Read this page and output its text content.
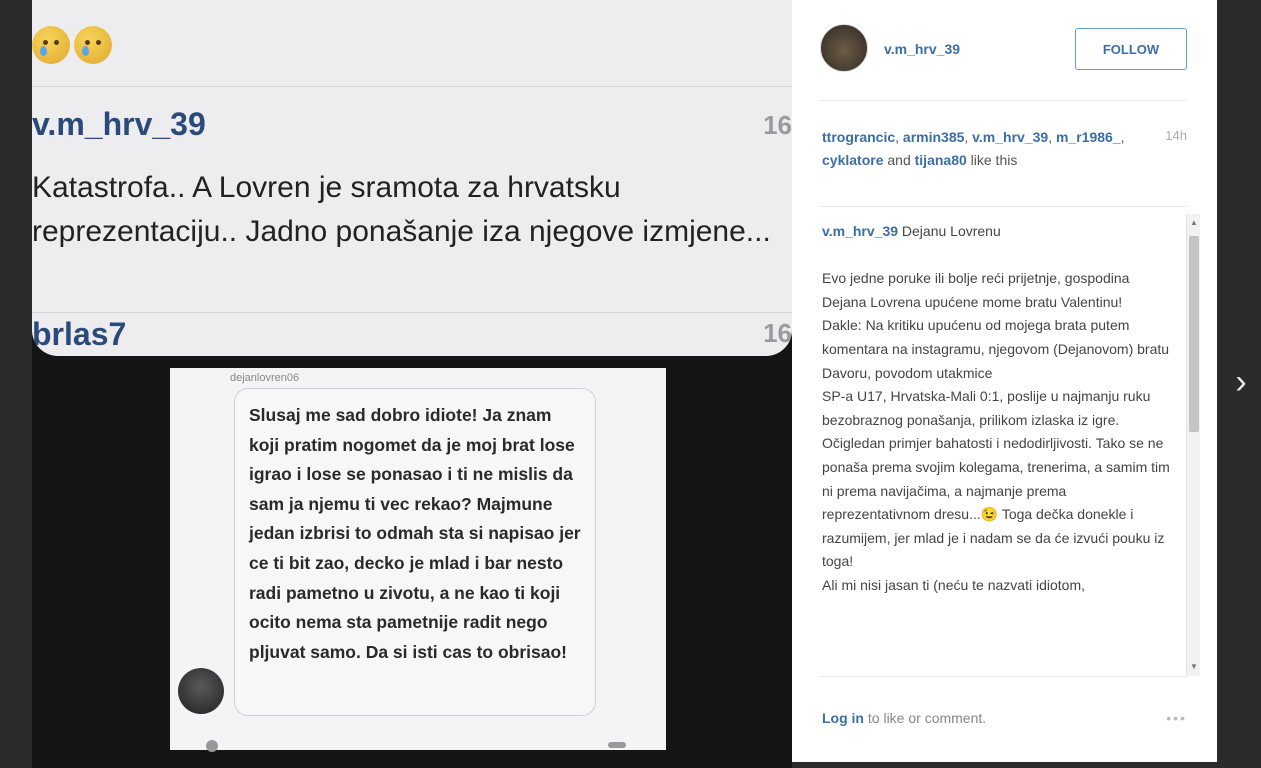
v.m_hrv_39	16
Katastrofa.. A Lovren je sramota za hrvatsku reprezentaciju.. Jadno ponašanje iza njegove izmjene...
brlas7	16
dejanlovren06
Slusaj me sad dobro idiote! Ja znam koji pratim nogomet da je moj brat lose igrao i lose se ponasao i ti ne mislis da sam ja njemu ti vec rekao? Majmune jedan izbrisi to odmah sta si napisao jer ce ti bit zao, decko je mlad i bar nesto radi pametno u zivotu, a ne kao ti koji ocito nema sta pametnije radit nego pljuvat samo. Da si isti cas to obrisao!
v.m_hrv_39	FOLLOW
ttrograncic, armin385, v.m_hrv_39, m_r1986_, cyklatore and tijana80 like this
14h

v.m_hrv_39 Dejanu Lovrenu

Evo jedne poruke ili bolje reći prijetnje, gospodina Dejana Lovrena upućene mome bratu Valentinu!
Dakle: Na kritiku upućenu od mojega brata putem komentara na instagramu, njegovom (Dejanovom) bratu Davoru, povodom utakmice
SP-a U17, Hrvatska-Mali 0:1, poslije u najmanju ruku bezobraznog ponašanja, prilikom izlaska iz igre. Očigledan primjer bahatosti i nedodirljivosti. Tako se ne ponaša prema svojim kolegama, trenerima, a samim tim ni prema navijačima, a najmanje prema reprezentativnom dresu...😉 Toga dečka donekle i razumijem, jer mlad je i nadam se da će izvući pouku iz toga!
Ali mi nisi jasan ti (neću te nazvati idiotom,
▲
▼
Log in to like or comment.	•••
›
